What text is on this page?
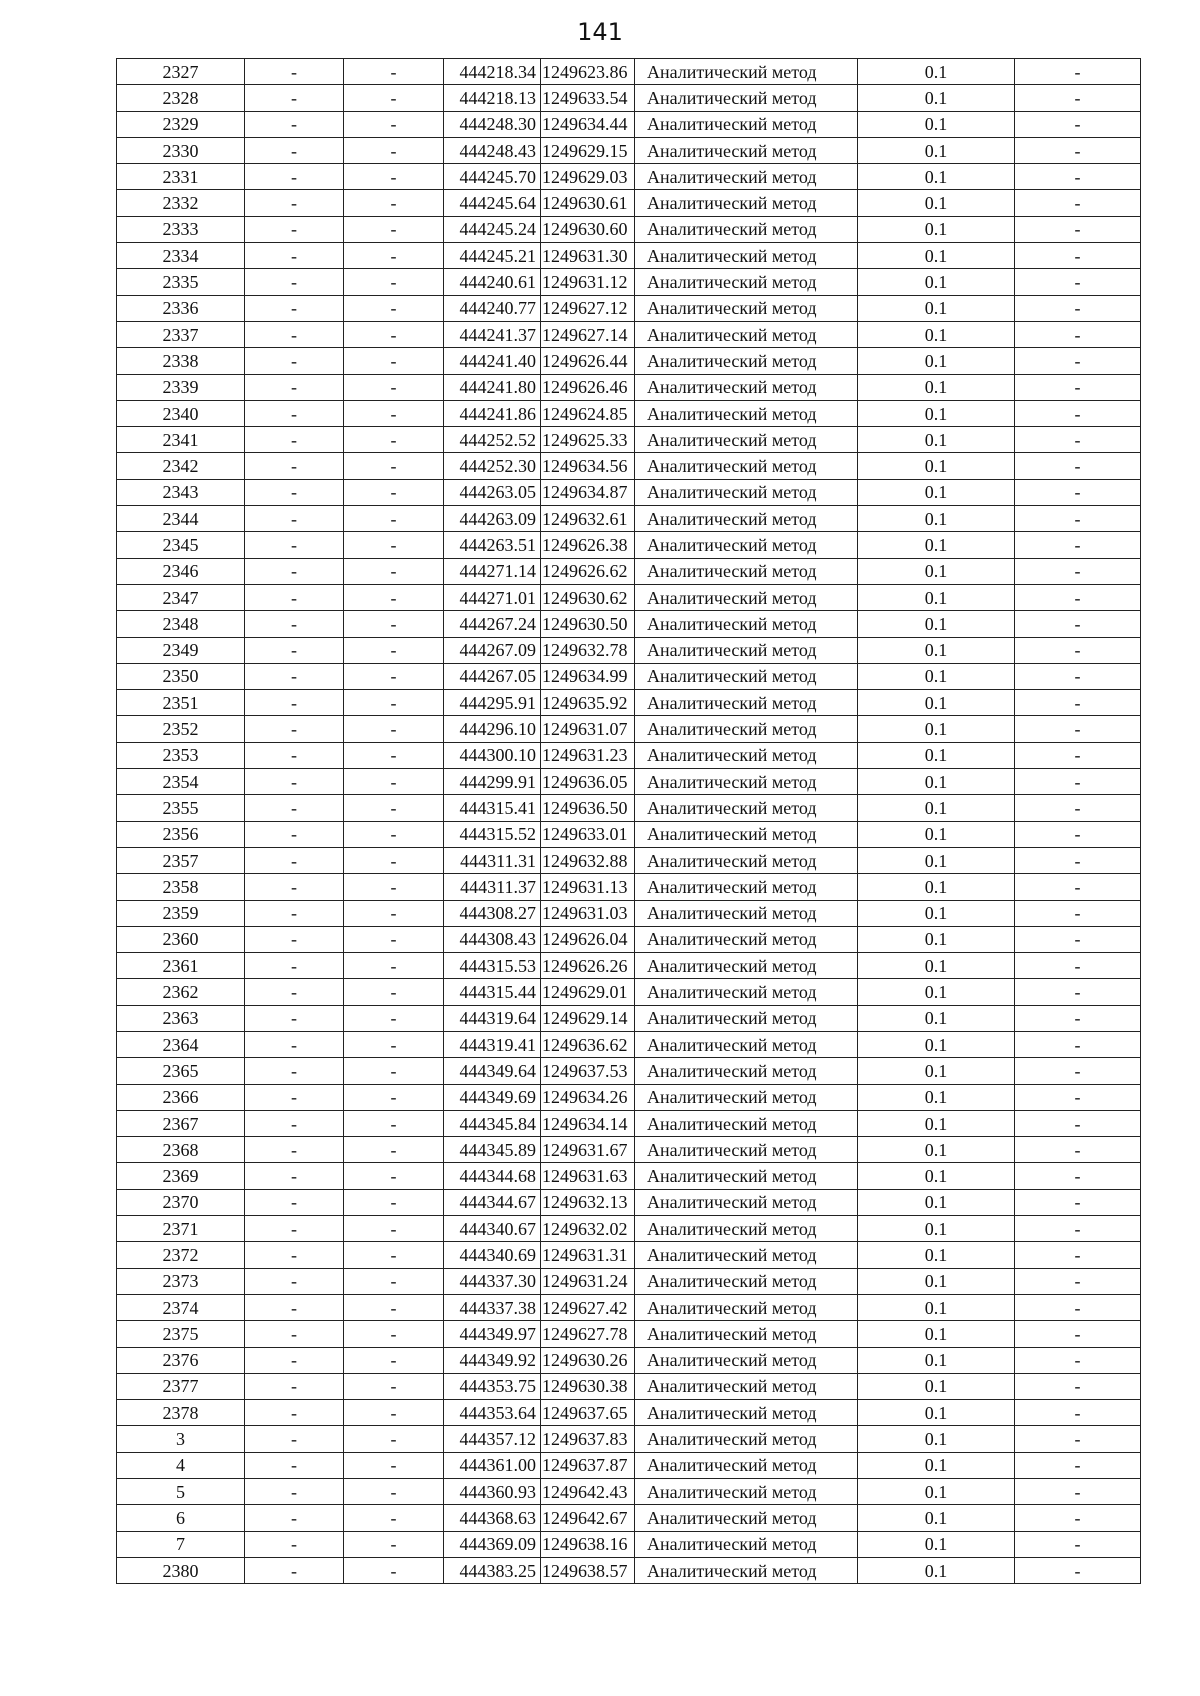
141
2327	-	-	444218.34	1249623.86	Аналитический метод	0.1	-
2328	-	-	444218.13	1249633.54	Аналитический метод	0.1	-
2329	-	-	444248.30	1249634.44	Аналитический метод	0.1	-
2330	-	-	444248.43	1249629.15	Аналитический метод	0.1	-
2331	-	-	444245.70	1249629.03	Аналитический метод	0.1	-
2332	-	-	444245.64	1249630.61	Аналитический метод	0.1	-
2333	-	-	444245.24	1249630.60	Аналитический метод	0.1	-
2334	-	-	444245.21	1249631.30	Аналитический метод	0.1	-
2335	-	-	444240.61	1249631.12	Аналитический метод	0.1	-
2336	-	-	444240.77	1249627.12	Аналитический метод	0.1	-
2337	-	-	444241.37	1249627.14	Аналитический метод	0.1	-
2338	-	-	444241.40	1249626.44	Аналитический метод	0.1	-
2339	-	-	444241.80	1249626.46	Аналитический метод	0.1	-
2340	-	-	444241.86	1249624.85	Аналитический метод	0.1	-
2341	-	-	444252.52	1249625.33	Аналитический метод	0.1	-
2342	-	-	444252.30	1249634.56	Аналитический метод	0.1	-
2343	-	-	444263.05	1249634.87	Аналитический метод	0.1	-
2344	-	-	444263.09	1249632.61	Аналитический метод	0.1	-
2345	-	-	444263.51	1249626.38	Аналитический метод	0.1	-
2346	-	-	444271.14	1249626.62	Аналитический метод	0.1	-
2347	-	-	444271.01	1249630.62	Аналитический метод	0.1	-
2348	-	-	444267.24	1249630.50	Аналитический метод	0.1	-
2349	-	-	444267.09	1249632.78	Аналитический метод	0.1	-
2350	-	-	444267.05	1249634.99	Аналитический метод	0.1	-
2351	-	-	444295.91	1249635.92	Аналитический метод	0.1	-
2352	-	-	444296.10	1249631.07	Аналитический метод	0.1	-
2353	-	-	444300.10	1249631.23	Аналитический метод	0.1	-
2354	-	-	444299.91	1249636.05	Аналитический метод	0.1	-
2355	-	-	444315.41	1249636.50	Аналитический метод	0.1	-
2356	-	-	444315.52	1249633.01	Аналитический метод	0.1	-
2357	-	-	444311.31	1249632.88	Аналитический метод	0.1	-
2358	-	-	444311.37	1249631.13	Аналитический метод	0.1	-
2359	-	-	444308.27	1249631.03	Аналитический метод	0.1	-
2360	-	-	444308.43	1249626.04	Аналитический метод	0.1	-
2361	-	-	444315.53	1249626.26	Аналитический метод	0.1	-
2362	-	-	444315.44	1249629.01	Аналитический метод	0.1	-
2363	-	-	444319.64	1249629.14	Аналитический метод	0.1	-
2364	-	-	444319.41	1249636.62	Аналитический метод	0.1	-
2365	-	-	444349.64	1249637.53	Аналитический метод	0.1	-
2366	-	-	444349.69	1249634.26	Аналитический метод	0.1	-
2367	-	-	444345.84	1249634.14	Аналитический метод	0.1	-
2368	-	-	444345.89	1249631.67	Аналитический метод	0.1	-
2369	-	-	444344.68	1249631.63	Аналитический метод	0.1	-
2370	-	-	444344.67	1249632.13	Аналитический метод	0.1	-
2371	-	-	444340.67	1249632.02	Аналитический метод	0.1	-
2372	-	-	444340.69	1249631.31	Аналитический метод	0.1	-
2373	-	-	444337.30	1249631.24	Аналитический метод	0.1	-
2374	-	-	444337.38	1249627.42	Аналитический метод	0.1	-
2375	-	-	444349.97	1249627.78	Аналитический метод	0.1	-
2376	-	-	444349.92	1249630.26	Аналитический метод	0.1	-
2377	-	-	444353.75	1249630.38	Аналитический метод	0.1	-
2378	-	-	444353.64	1249637.65	Аналитический метод	0.1	-
3	-	-	444357.12	1249637.83	Аналитический метод	0.1	-
4	-	-	444361.00	1249637.87	Аналитический метод	0.1	-
5	-	-	444360.93	1249642.43	Аналитический метод	0.1	-
6	-	-	444368.63	1249642.67	Аналитический метод	0.1	-
7	-	-	444369.09	1249638.16	Аналитический метод	0.1	-
2380	-	-	444383.25	1249638.57	Аналитический метод	0.1	-
